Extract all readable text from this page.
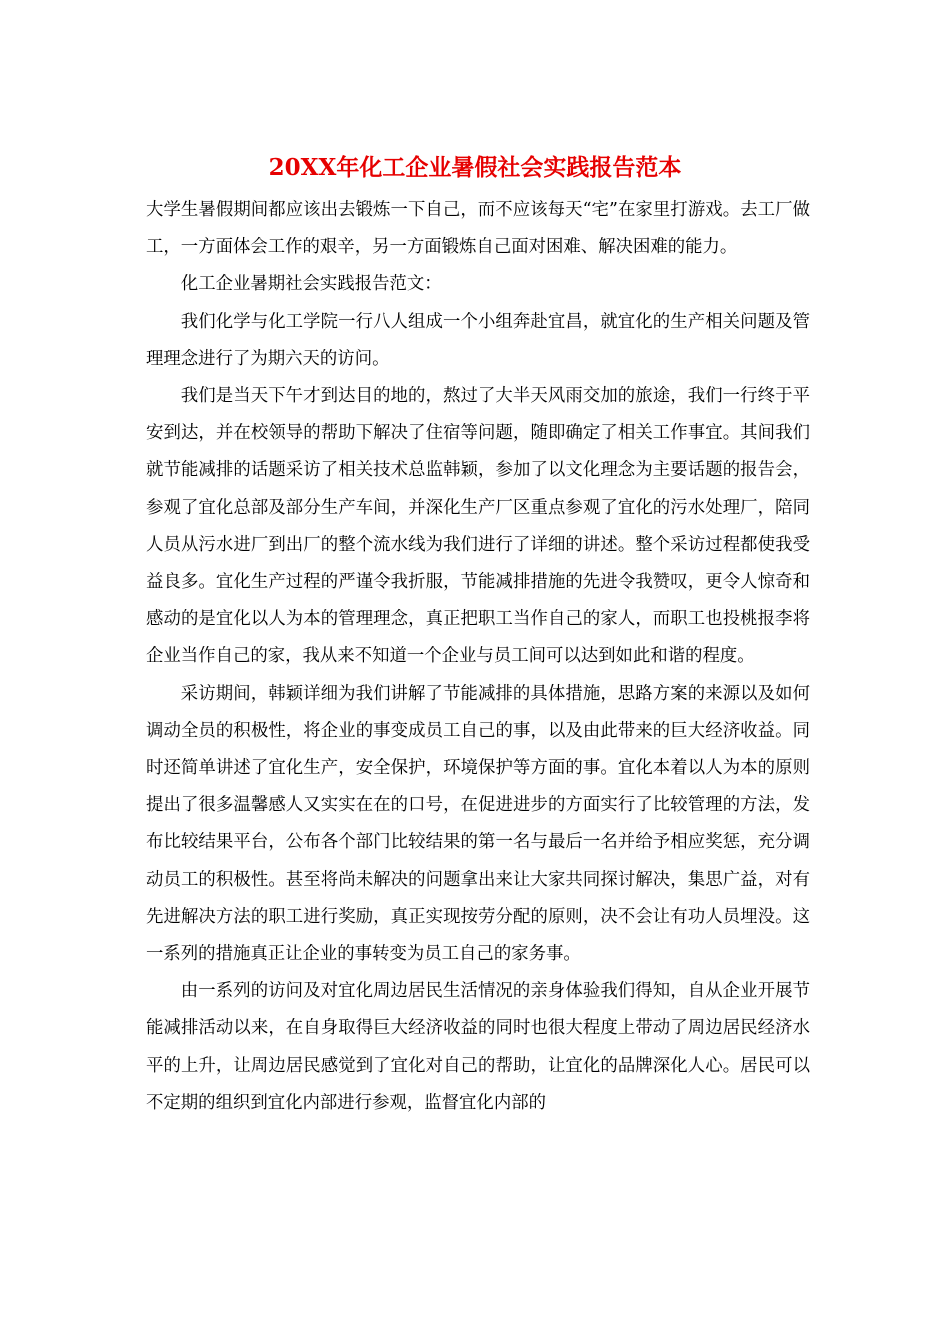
20XX年化工企业暑假社会实践报告范本

大学生暑假期间都应该出去锻炼一下自己，而不应该每天“宅”在家里打游戏。去工厂做工，一方面体会工作的艰辛，另一方面锻炼自己面对困难、解决困难的能力。

化工企业暑期社会实践报告范文：

我们化学与化工学院一行八人组成一个小组奔赴宜昌，就宜化的生产相关问题及管理理念进行了为期六天的访问。

我们是当天下午才到达目的地的，熬过了大半天风雨交加的旅途，我们一行终于平安到达，并在校领导的帮助下解决了住宿等问题，随即确定了相关工作事宜。其间我们就节能减排的话题采访了相关技术总监韩颖，参加了以文化理念为主要话题的报告会，参观了宜化总部及部分生产车间，并深化生产厂区重点参观了宜化的污水处理厂，陪同人员从污水进厂到出厂的整个流水线为我们进行了详细的讲述。整个采访过程都使我受益良多。宜化生产过程的严谨令我折服，节能减排措施的先进令我赞叹，更令人惊奇和感动的是宜化以人为本的管理理念，真正把职工当作自己的家人，而职工也投桃报李将企业当作自己的家，我从来不知道一个企业与员工间可以达到如此和谐的程度。

采访期间，韩颖详细为我们讲解了节能减排的具体措施，思路方案的来源以及如何调动全员的积极性，将企业的事变成员工自己的事，以及由此带来的巨大经济收益。同时还简单讲述了宜化生产，安全保护，环境保护等方面的事。宜化本着以人为本的原则提出了很多温馨感人又实实在在的口号，在促进进步的方面实行了比较管理的方法，发布比较结果平台，公布各个部门比较结果的第一名与最后一名并给予相应奖惩，充分调动员工的积极性。甚至将尚未解决的问题拿出来让大家共同探讨解决，集思广益，对有先进解决方法的职工进行奖励，真正实现按劳分配的原则，决不会让有功人员埋没。这一系列的措施真正让企业的事转变为员工自己的家务事。

由一系列的访问及对宜化周边居民生活情况的亲身体验我们得知，自从企业开展节能减排活动以来，在自身取得巨大经济收益的同时也很大程度上带动了周边居民经济水平的上升，让周边居民感觉到了宜化对自己的帮助，让宜化的品牌深化人心。居民可以不定期的组织到宜化内部进行参观，监督宜化内部的
